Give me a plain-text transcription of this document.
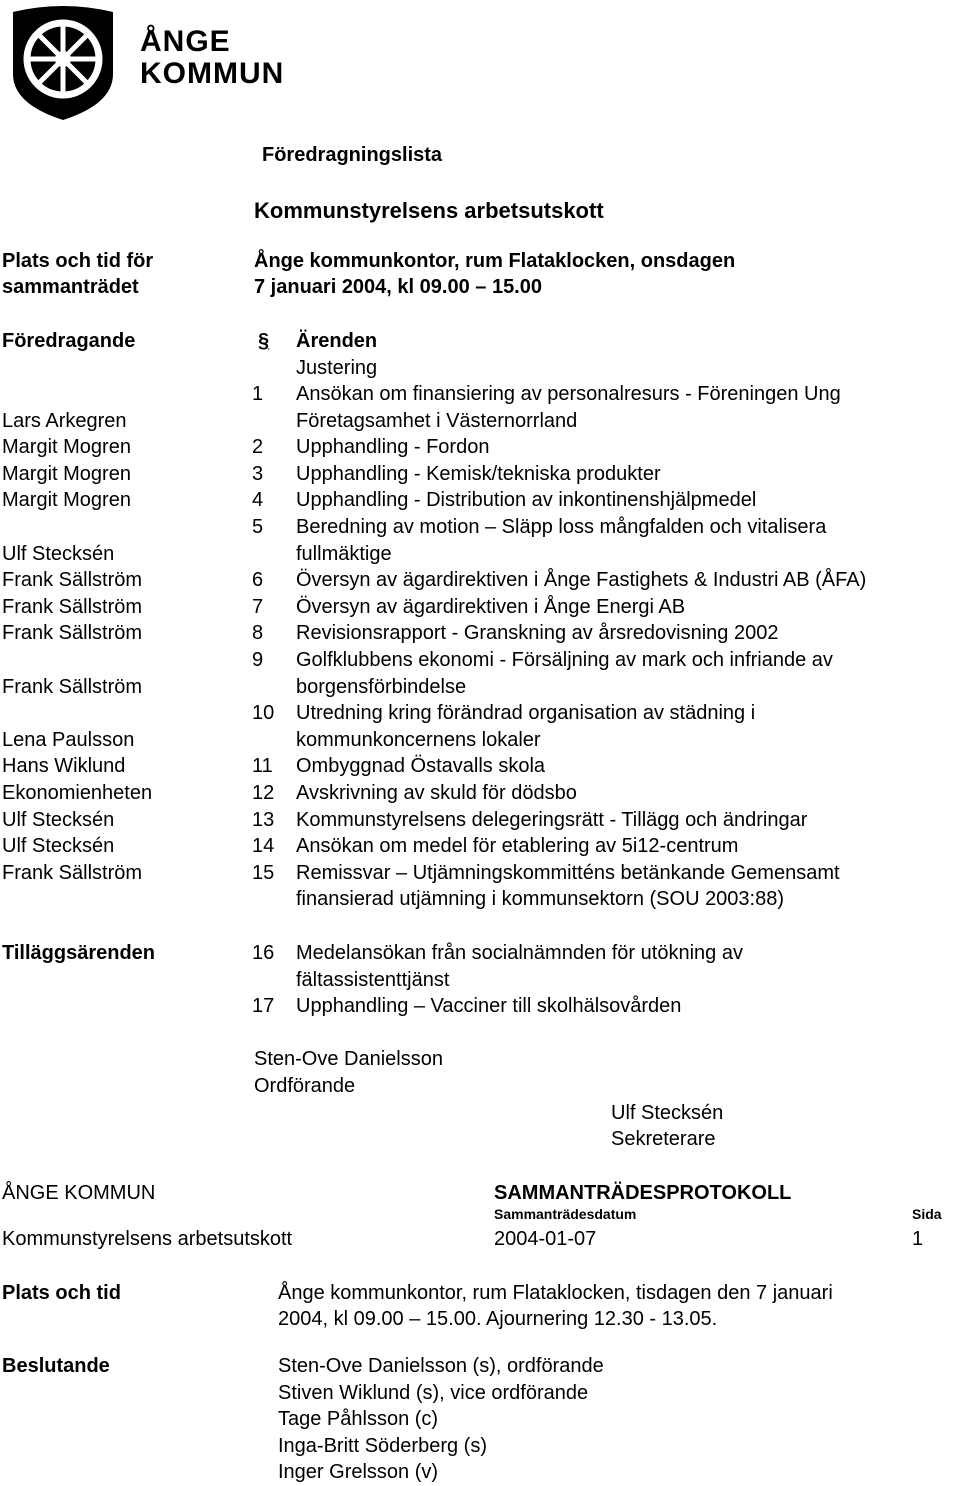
ÅNGE
KOMMUN
Föredragningslista
Kommunstyrelsens arbetsutskott
Plats och tid för
sammanträdet
Ånge kommunkontor, rum Flataklocken, onsdagen
7 januari 2004, kl 09.00 – 15.00
Föredragande	§ Ärenden
Justering
1	Ansökan om finansiering av personalresurs - Föreningen Ung
Lars Arkegren	Företagsamhet i Västernorrland
Margit Mogren	2	Upphandling - Fordon
Margit Mogren	3	Upphandling - Kemisk/tekniska produkter
Margit Mogren	4	Upphandling - Distribution av inkontinenshjälpmedel
5	Beredning av motion – Släpp loss mångfalden och vitalisera
Ulf Stecksén	fullmäktige
Frank Sällström	6	Översyn av ägardirektiven i Ånge Fastighets & Industri AB (ÅFA)
Frank Sällström	7	Översyn av ägardirektiven i Ånge Energi AB
Frank Sällström	8	Revisionsrapport - Granskning av årsredovisning 2002
9	Golfklubbens ekonomi - Försäljning av mark och infriande av
Frank Sällström	borgensförbindelse
10	Utredning kring förändrad organisation av städning i
Lena Paulsson	kommunkoncernens lokaler
Hans Wiklund	11	Ombyggnad Östavalls skola
Ekonomienheten	12	Avskrivning av skuld för dödsbo
Ulf Stecksén	13	Kommunstyrelsens delegeringsrätt - Tillägg och ändringar
Ulf Stecksén	14	Ansökan om medel för etablering av 5i12-centrum
Frank Sällström	15	Remissvar – Utjämningskommitténs betänkande Gemensamt
finansierad utjämning i kommunsektorn (SOU 2003:88)
Tilläggsärenden	16	Medelansökan från socialnämnden för utökning av
fältassistenttjänst
17	Upphandling – Vacciner till skolhälsovården
Sten-Ove Danielsson
Ordförande
Ulf Stecksén
Sekreterare
ÅNGE KOMMUN	SAMMANTRÄDESPROTOKOLL
Sammanträdesdatum	Sida
Kommunstyrelsens arbetsutskott	2004-01-07	1
Plats och tid	Ånge kommunkontor, rum Flataklocken, tisdagen den 7 januari
2004, kl 09.00 – 15.00. Ajournering 12.30 - 13.05.
Beslutande	Sten-Ove Danielsson (s), ordförande
Stiven Wiklund (s), vice ordförande
Tage Påhlsson (c)
Inga-Britt Söderberg (s)
Inger Grelsson (v)
